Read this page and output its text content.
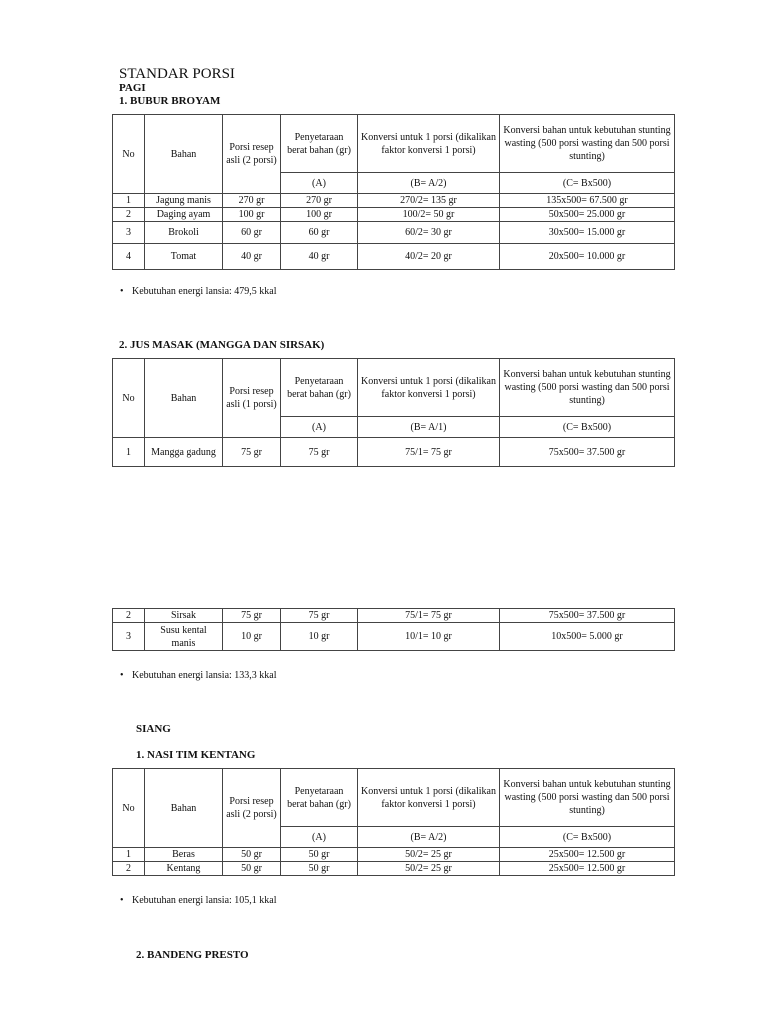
STANDAR PORSI
PAGI
1. BUBUR BROYAM
No	Bahan	Porsi resep asli (2 porsi)	Penyetaraan berat bahan (gr)	Konversi untuk 1 porsi (dikalikan faktor konversi 1 porsi)	Konversi bahan untuk kebutuhan stunting wasting (500 porsi wasting dan 500 porsi stunting)
			(A)	(B= A/2)	(C= Bx500)
1	Jagung manis	270 gr	270 gr	270/2= 135 gr	135x500= 67.500 gr
2	Daging ayam	100 gr	100 gr	100/2= 50 gr	50x500= 25.000 gr
3	Brokoli	60 gr	60 gr	60/2= 30 gr	30x500= 15.000 gr
4	Tomat	40 gr	40 gr	40/2= 20 gr	20x500= 10.000 gr
• Kebutuhan energi lansia: 479,5 kkal
2. JUS MASAK (MANGGA DAN SIRSAK)
No	Bahan	Porsi resep asli (1 porsi)	Penyetaraan berat bahan (gr)	Konversi untuk 1 porsi (dikalikan faktor konversi 1 porsi)	Konversi bahan untuk kebutuhan stunting wasting (500 porsi wasting dan 500 porsi stunting)
			(A)	(B= A/1)	(C= Bx500)
1	Mangga gadung	75 gr	75 gr	75/1= 75 gr	75x500= 37.500 gr
2	Sirsak	75 gr	75 gr	75/1= 75 gr	75x500= 37.500 gr
3	Susu kental manis	10 gr	10 gr	10/1= 10 gr	10x500= 5.000 gr
• Kebutuhan energi lansia: 133,3 kkal
SIANG
1. NASI TIM KENTANG
No	Bahan	Porsi resep asli (2 porsi)	Penyetaraan berat bahan (gr)	Konversi untuk 1 porsi (dikalikan faktor konversi 1 porsi)	Konversi bahan untuk kebutuhan stunting wasting (500 porsi wasting dan 500 porsi stunting)
			(A)	(B= A/2)	(C= Bx500)
1	Beras	50 gr	50 gr	50/2= 25 gr	25x500= 12.500 gr
2	Kentang	50 gr	50 gr	50/2= 25 gr	25x500= 12.500 gr
• Kebutuhan energi lansia: 105,1 kkal
2. BANDENG PRESTO
